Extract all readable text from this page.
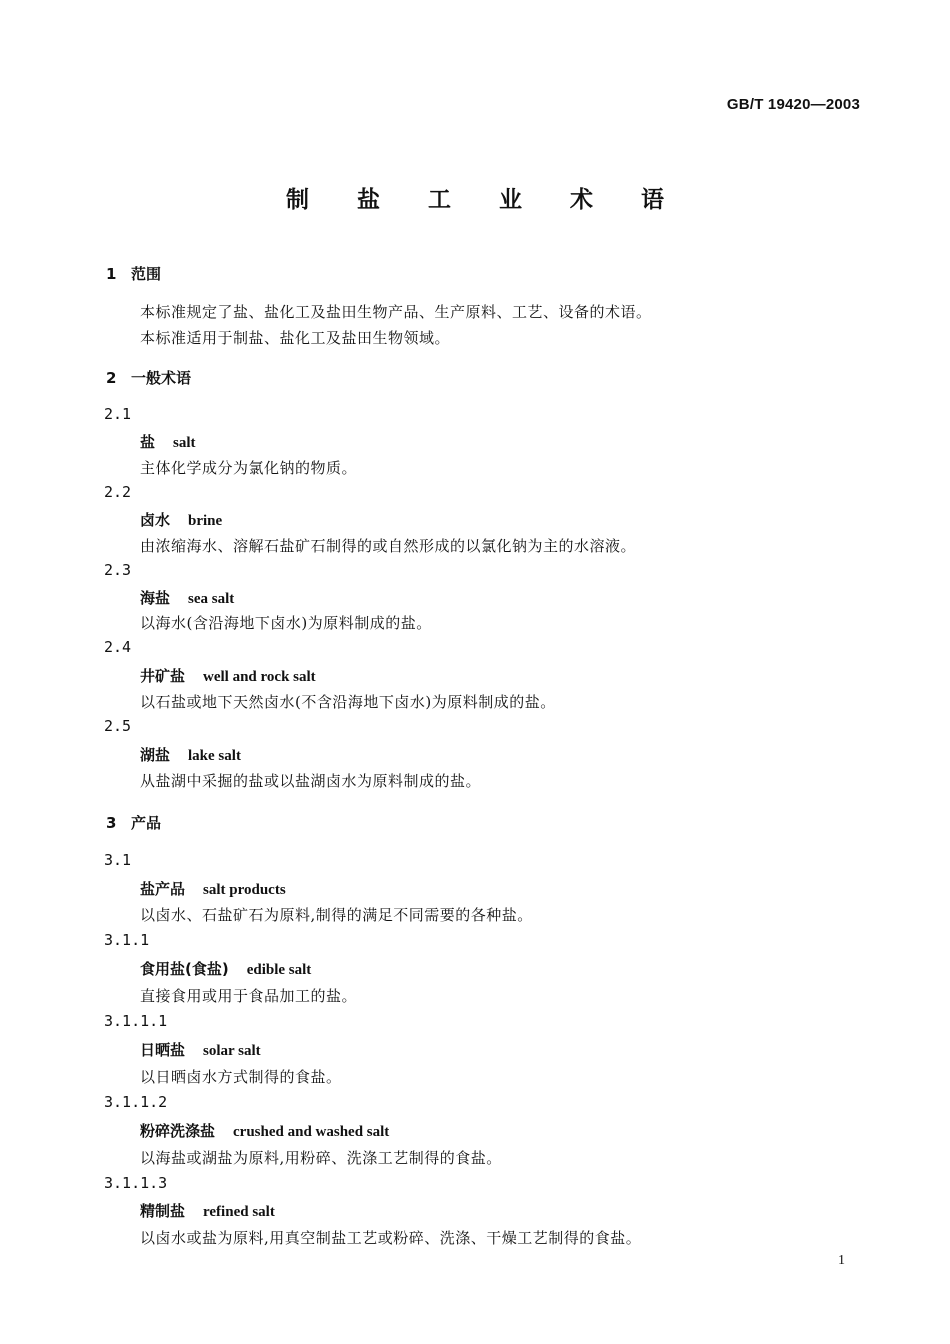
GB/T 19420—2003
制 盐 工 业 术 语
1 范围
本标准规定了盐、盐化工及盐田生物产品、生产原料、工艺、设备的术语。
本标准适用于制盐、盐化工及盐田生物领域。
2 一般术语
2.1
盐 salt
主体化学成分为氯化钠的物质。
2.2
卤水 brine
由浓缩海水、溶解石盐矿石制得的或自然形成的以氯化钠为主的水溶液。
2.3
海盐 sea salt
以海水(含沿海地下卤水)为原料制成的盐。
2.4
井矿盐 well and rock salt
以石盐或地下天然卤水(不含沿海地下卤水)为原料制成的盐。
2.5
湖盐 lake salt
从盐湖中采掘的盐或以盐湖卤水为原料制成的盐。
3 产品
3.1
盐产品 salt products
以卤水、石盐矿石为原料,制得的满足不同需要的各种盐。
3.1.1
食用盐(食盐) edible salt
直接食用或用于食品加工的盐。
3.1.1.1
日晒盐 solar salt
以日晒卤水方式制得的食盐。
3.1.1.2
粉碎洗涤盐 crushed and washed salt
以海盐或湖盐为原料,用粉碎、洗涤工艺制得的食盐。
3.1.1.3
精制盐 refined salt
以卤水或盐为原料,用真空制盐工艺或粉碎、洗涤、干燥工艺制得的食盐。
1
